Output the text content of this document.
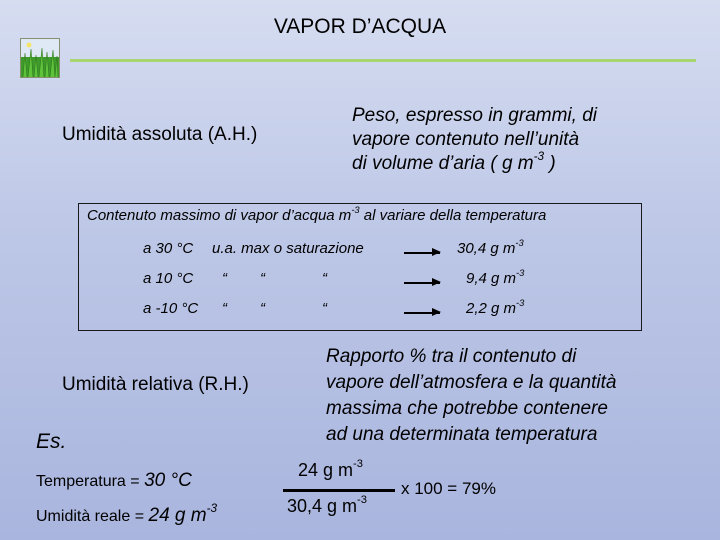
VAPOR D’ACQUA
Umidità assoluta (A.H.)
Peso, espresso in grammi, di
vapore contenuto nell’unità
di volume d’aria ( g $m^{-3}$ )
Contenuto massimo di vapor d’acqua $m^{-3}$ al variare della temperatura
a 30 °C u.a. max o saturazione	30,4 g $m^{-3}$
a 10 °C “ “	“	9,4 g $m^{-3}$
a -10 °C “ “	“	2,2 g $m^{-3}$
Umidità relativa (R.H.)
Rapporto % tra il contenuto di
vapore dell’atmosfera e la quantità
massima che potrebbe contenere
ad una determinata temperatura
Es.
Temperatura = 30 °C
Umidità reale = 24 g $m^{-3}$
24 g $m^{-3}$
30,4 g $m^{-3}$
x 100 = 79%
